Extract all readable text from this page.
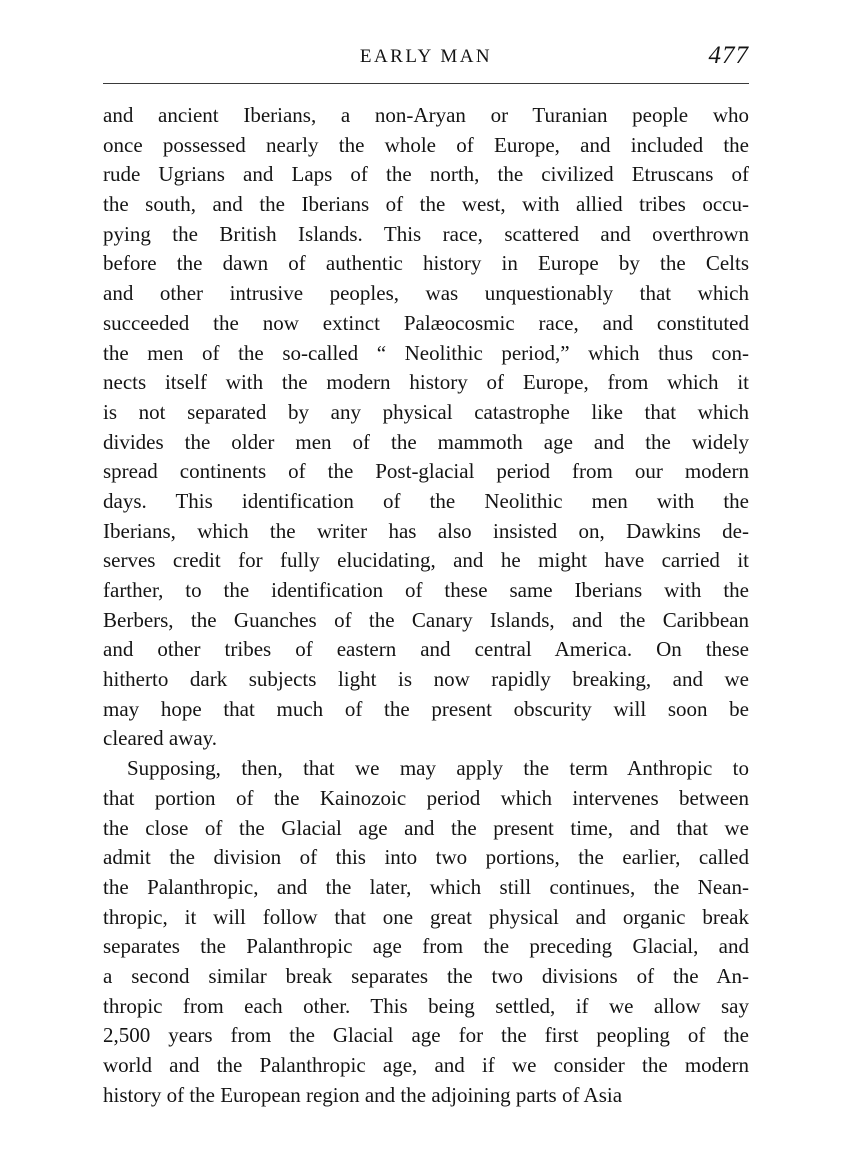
EARLY MAN	477
and ancient Iberians, a non-Aryan or Turanian people who
once possessed nearly the whole of Europe, and included the
rude Ugrians and Laps of the north, the civilized Etruscans of
the south, and the Iberians of the west, with allied tribes occu-
pying the British Islands. This race, scattered and overthrown
before the dawn of authentic history in Europe by the Celts
and other intrusive peoples, was unquestionably that which
succeeded the now extinct Palæocosmic race, and constituted
the men of the so-called “ Neolithic period,” which thus con-
nects itself with the modern history of Europe, from which it
is not separated by any physical catastrophe like that which
divides the older men of the mammoth age and the widely
spread continents of the Post-glacial period from our modern
days. This identification of the Neolithic men with the
Iberians, which the writer has also insisted on, Dawkins de-
serves credit for fully elucidating, and he might have carried it
farther, to the identification of these same Iberians with the
Berbers, the Guanches of the Canary Islands, and the Caribbean
and other tribes of eastern and central America. On these
hitherto dark subjects light is now rapidly breaking, and we
may hope that much of the present obscurity will soon be
cleared away.
Supposing, then, that we may apply the term Anthropic to
that portion of the Kainozoic period which intervenes between
the close of the Glacial age and the present time, and that we
admit the division of this into two portions, the earlier, called
the Palanthropic, and the later, which still continues, the Nean-
thropic, it will follow that one great physical and organic break
separates the Palanthropic age from the preceding Glacial, and
a second similar break separates the two divisions of the An-
thropic from each other. This being settled, if we allow say
2,500 years from the Glacial age for the first peopling of the
world and the Palanthropic age, and if we consider the modern
history of the European region and the adjoining parts of Asia
